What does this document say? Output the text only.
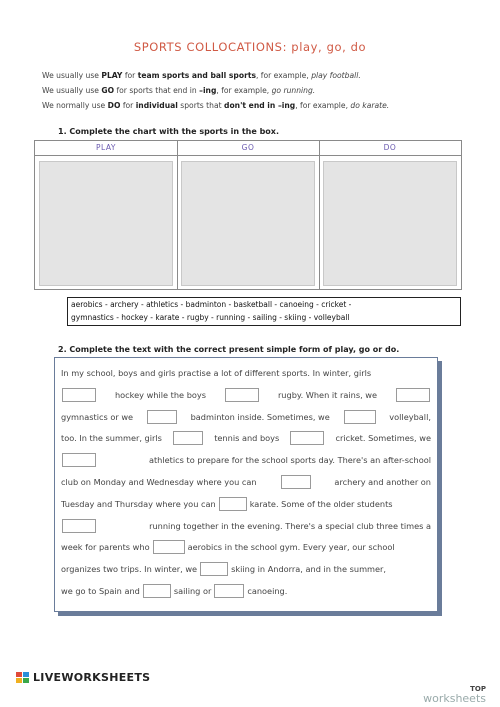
SPORTS COLLOCATIONS: play, go, do
We usually use PLAY for team sports and ball sports, for example, play football.
We usually use GO for sports that end in –ing, for example, go running.
We normally use DO for individual sports that don't end in –ing, for example, do karate.
1. Complete the chart with the sports in the box.
PLAY	GO	DO
aerobics - archery - athletics - badminton - basketball - canoeing - cricket -
gymnastics - hockey - karate - rugby - running - sailing - skiing - volleyball
2. Complete the text with the correct present simple form of play, go or do.
In my school, boys and girls practise a lot of different sports. In winter, girls
hockey while the boys	rugby. When it rains, we
gymnastics or we	badminton inside. Sometimes, we	volleyball,
too. In the summer, girls	tennis and boys	cricket. Sometimes, we
athletics to prepare for the school sports day. There's an after-school
club on Monday and Wednesday where you can	archery and another on
Tuesday and Thursday where you can	karate. Some of the older students
running together in the evening. There's a special club three times a
week for parents who	aerobics in the school gym. Every year, our school
organizes two trips. In winter, we	skiing in Andorra, and in the summer,
we go to Spain and	sailing or	canoeing.
LIVEWORKSHEETS
TOP
worksheets
